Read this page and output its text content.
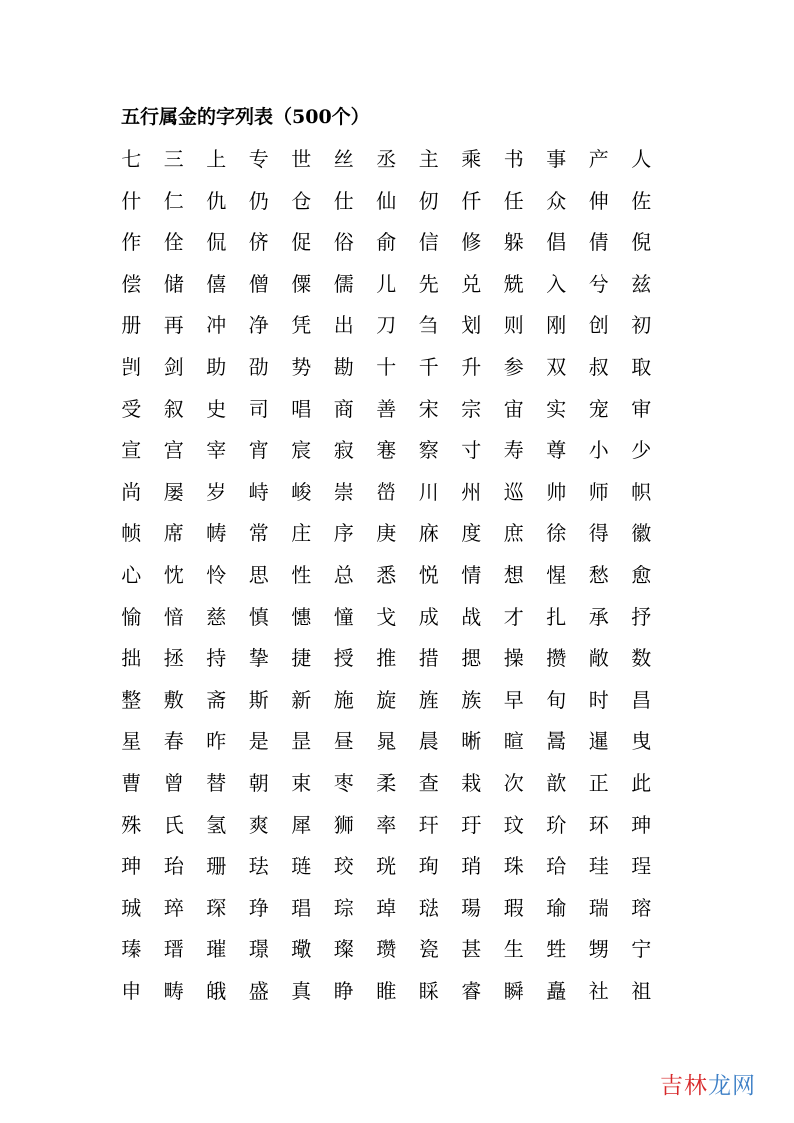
五行属金的字列表（500个）
七	三	上	专	世	丝	丞	主	乘	书	事	产	人
什	仁	仇	仍	仓	仕	仙	仞	仟	任	众	伸	佐
作	佺	侃	侪	促	俗	俞	信	修	躲	倡	倩	倪
偿	储	僖	僧	僳	儒	儿	先	兑	兟	入	兮	兹
册	再	冲	净	凭	出	刀	刍	划	则	刚	创	初
剀	剑	助	劭	势	勘	十	千	升	参	双	叔	取
受	叙	史	司	唱	商	善	宋	宗	宙	实	宠	审
宣	宫	宰	宵	宸	寂	寋	察	寸	寿	尊	小	少
尚	屡	岁	峙	峻	崇	嵤	川	州	巡	帅	师	帜
帧	席	帱	常	庄	序	庚	庥	度	庶	徐	得	徽
心	忱	怜	思	性	总	悉	悦	情	想	惺	愁	愈
愉	愔	慈	慎	憓	憧	戈	成	战	才	扎	承	抒
拙	拯	持	挚	捷	授	推	措	揌	操	攒	敞	数
整	敷	斋	斯	新	施	旋	旌	族	早	旬	时	昌
星	春	昨	是	昰	昼	晁	晨	晰	暄	暠	暹	曳
曹	曾	替	朝	束	枣	柔	查	栽	次	歆	正	此
殊	氏	氢	爽	犀	狮	率	玕	玗	玟	玠	环	珅
珅	珆	珊	珐	琏	珓	珖	珣	琑	珠	珨	珪	珵
珹	琗	琛	琤	琩	琮	琸	琺	瑒	瑕	瑜	瑞	瑢
瑧	瑨	璀	璟	璥	璨	瓒	瓷	甚	生	甡	甥	宁
申	畴	皒	盛	真	睁	睢	睬	睿	瞬	矗	社	祖
吉林 龙网
